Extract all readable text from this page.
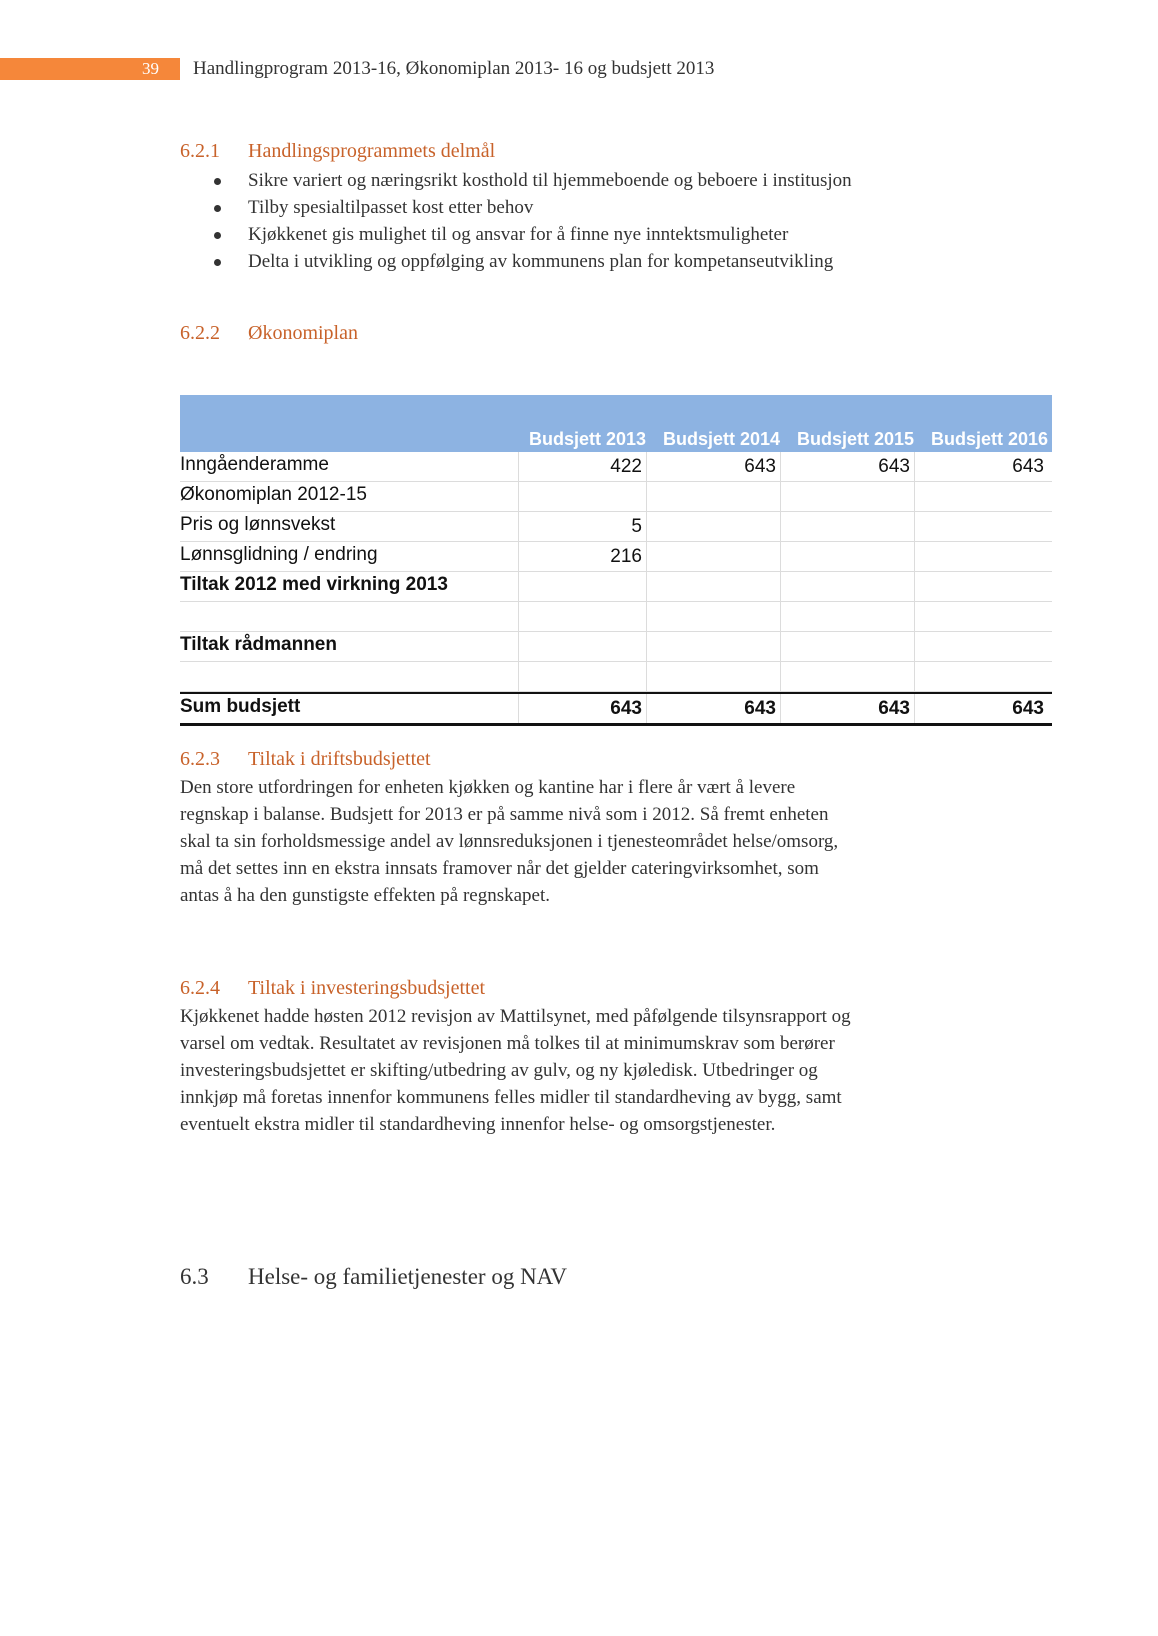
39	Handlingprogram 2013-16, Økonomiplan 2013- 16 og budsjett 2013
6.2.1 Handlingsprogrammets delmål
Sikre variert og næringsrikt kosthold til hjemmeboende og beboere i institusjon
Tilby spesialtilpasset kost etter behov
Kjøkkenet gis mulighet til og ansvar for å finne nye inntektsmuligheter
Delta i utvikling og oppfølging av kommunens plan for kompetanseutvikling
6.2.2 Økonomiplan
Budsjett 2013 Budsjett 2014 Budsjett 2015 Budsjett 2016
Inngåenderamme	422	643	643	643
Økonomiplan 2012-15
Pris og lønnsvekst	5
Lønnsglidning / endring	216
Tiltak 2012 med virkning 2013
Tiltak rådmannen
Sum budsjett	643	643	643	643
6.2.3 Tiltak i driftsbudsjettet
Den store utfordringen for enheten kjøkken og kantine har i flere år vært å levere
regnskap i balanse. Budsjett for 2013 er på samme nivå som i 2012. Så fremt enheten
skal ta sin forholdsmessige andel av lønnsreduksjonen i tjenesteområdet helse/omsorg,
må det settes inn en ekstra innsats framover når det gjelder cateringvirksomhet, som
antas å ha den gunstigste effekten på regnskapet.
6.2.4 Tiltak i investeringsbudsjettet
Kjøkkenet hadde høsten 2012 revisjon av Mattilsynet, med påfølgende tilsynsrapport og
varsel om vedtak. Resultatet av revisjonen må tolkes til at minimumskrav som berører
investeringsbudsjettet er skifting/utbedring av gulv, og ny kjøledisk. Utbedringer og
innkjøp må foretas innenfor kommunens felles midler til standardheving av bygg, samt
eventuelt ekstra midler til standardheving innenfor helse- og omsorgstjenester.
6.3 Helse- og familietjenester og NAV
